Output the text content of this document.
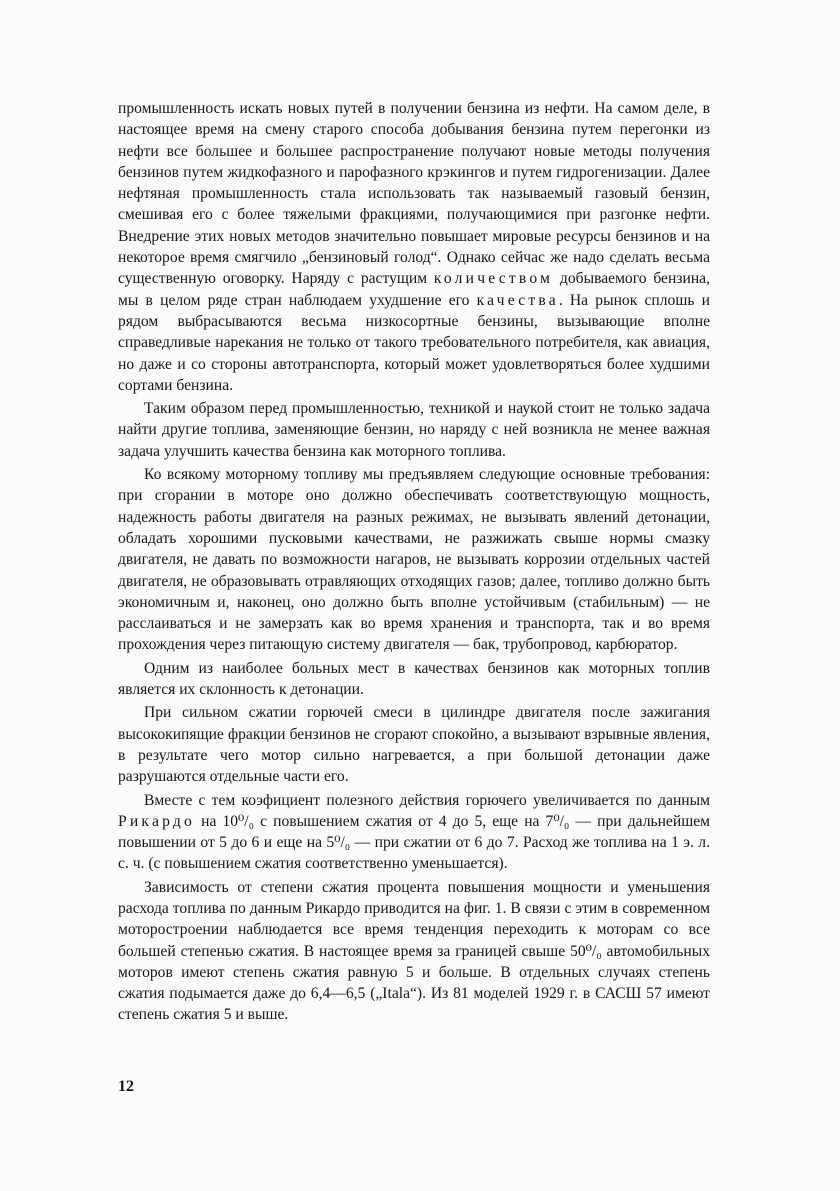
промышленность искать новых путей в получении бензина из нефти. На самом деле, в настоящее время на смену старого способа добывания бензина путем перегонки из нефти все большее и большее распространение получают новые методы получения бензинов путем жидкофазного и парофазного крэкингов и путем гидрогенизации. Далее нефтяная промышленность стала использовать так называемый газовый бензин, смешивая его с более тяжелыми фракциями, получающимися при разгонке нефти. Внедрение этих новых методов значительно повышает мировые ресурсы бензинов и на некоторое время смягчило „бензиновый голод“. Однако сейчас же надо сделать весьма существенную оговорку. Наряду с растущим количеством добываемого бензина, мы в целом ряде стран наблюдаем ухудшение его качества. На рынок сплошь и рядом выбрасываются весьма низкосортные бензины, вызывающие вполне справедливые нарекания не только от такого требовательного потребителя, как авиация, но даже и со стороны автотранспорта, который может удовлетворяться более худшими сортами бензина.

Таким образом перед промышленностью, техникой и наукой стоит не только задача найти другие топлива, заменяющие бензин, но наряду с ней возникла не менее важная задача улучшить качества бензина как моторного топлива.

Ко всякому моторному топливу мы предъявляем следующие основные требования: при сгорании в моторе оно должно обеспечивать соответствующую мощность, надежность работы двигателя на разных режимах, не вызывать явлений детонации, обладать хорошими пусковыми качествами, не разжижать свыше нормы смазку двигателя, не давать по возможности нагаров, не вызывать коррозии отдельных частей двигателя, не образовывать отравляющих отходящих газов; далее, топливо должно быть экономичным и, наконец, оно должно быть вполне устойчивым (стабильным) — не расслаиваться и не замерзать как во время хранения и транспорта, так и во время прохождения через питающую систему двигателя — бак, трубопровод, карбюратор.

Одним из наиболее больных мест в качествах бензинов как моторных топлив является их склонность к детонации.

При сильном сжатии горючей смеси в цилиндре двигателя после зажигания высококипящие фракции бензинов не сгорают спокойно, а вызывают взрывные явления, в результате чего мотор сильно нагревается, а при большой детонации даже разрушаются отдельные части его.

Вместе с тем коэфициент полезного действия горючего увеличивается по данным Рикардо на 10⁰/₀ с повышением сжатия от 4 до 5, еще на 7⁰/₀ — при дальнейшем повышении от 5 до 6 и еще на 5⁰/₀ — при сжатии от 6 до 7. Расход же топлива на 1 э. л. с. ч. (с повышением сжатия соответственно уменьшается).

Зависимость от степени сжатия процента повышения мощности и уменьшения расхода топлива по данным Рикардо приводится на фиг. 1. В связи с этим в современном моторостроении наблюдается все время тенденция переходить к моторам со все большей степенью сжатия. В настоящее время за границей свыше 50⁰/₀ автомобильных моторов имеют степень сжатия равную 5 и больше. В отдельных случаях степень сжатия подымается даже до 6,4—6,5 („Itala“). Из 81 моделей 1929 г. в САСШ 57 имеют степень сжатия 5 и выше.

12
